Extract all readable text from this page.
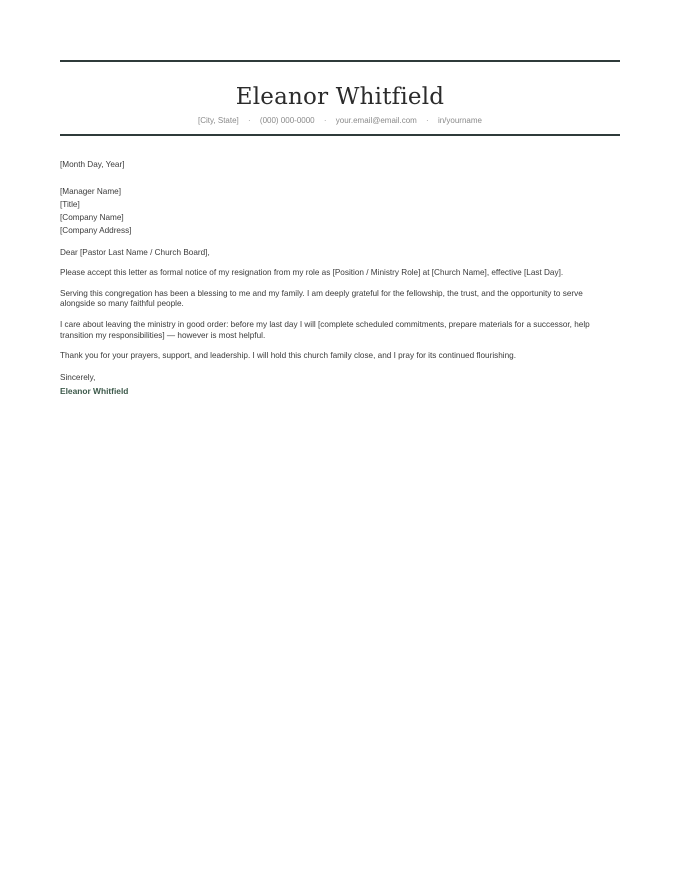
Eleanor Whitfield
[City, State] · (000) 000-0000 · your.email@email.com · in/yourname
[Month Day, Year]
[Manager Name]
[Title]
[Company Name]
[Company Address]
Dear [Pastor Last Name / Church Board],
Please accept this letter as formal notice of my resignation from my role as [Position / Ministry Role] at [Church Name], effective [Last Day].
Serving this congregation has been a blessing to me and my family. I am deeply grateful for the fellowship, the trust, and the opportunity to serve alongside so many faithful people.
I care about leaving the ministry in good order: before my last day I will [complete scheduled commitments, prepare materials for a successor, help transition my responsibilities] — however is most helpful.
Thank you for your prayers, support, and leadership. I will hold this church family close, and I pray for its continued flourishing.
Sincerely,
Eleanor Whitfield
